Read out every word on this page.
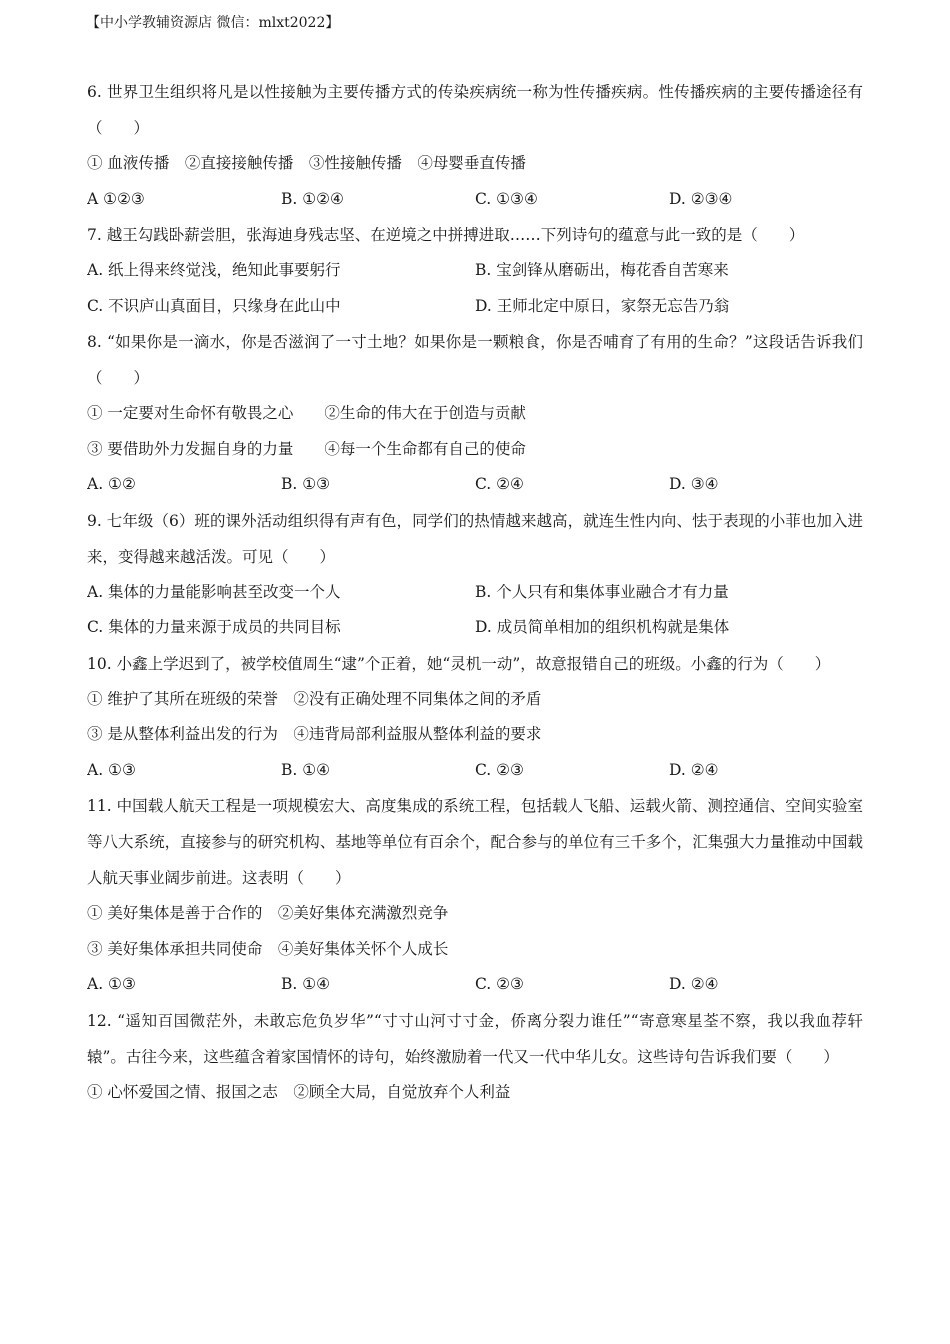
【中小学教辅资源店 微信：mlxt2022】
6. 世界卫生组织将凡是以性接触为主要传播方式的传染疾病统一称为性传播疾病。性传播疾病的主要传播途径有（　　）
① 血液传播　②直接接触传播　③性接触传播　④母婴垂直传播
A ①②③	B. ①②④	C. ①③④	D. ②③④
7. 越王勾践卧薪尝胆，张海迪身残志坚、在逆境之中拼搏进取……下列诗句的蕴意与此一致的是（　　）
A. 纸上得来终觉浅，绝知此事要躬行	B. 宝剑锋从磨砺出，梅花香自苦寒来
C. 不识庐山真面目，只缘身在此山中	D. 王师北定中原日，家祭无忘告乃翁
8. “如果你是一滴水，你是否滋润了一寸土地？如果你是一颗粮食，你是否哺育了有用的生命？”这段话告诉我们（　　）
① 一定要对生命怀有敬畏之心　　②生命的伟大在于创造与贡献
③ 要借助外力发掘自身的力量　　④每一个生命都有自己的使命
A. ①②	B. ①③	C. ②④	D. ③④
9. 七年级（6）班的课外活动组织得有声有色，同学们的热情越来越高，就连生性内向、怯于表现的小菲也加入进来，变得越来越活泼。可见（　　）
A. 集体的力量能影响甚至改变一个人	B. 个人只有和集体事业融合才有力量
C. 集体的力量来源于成员的共同目标	D. 成员简单相加的组织机构就是集体
10. 小鑫上学迟到了，被学校值周生“逮”个正着，她“灵机一动”，故意报错自己的班级。小鑫的行为（　　）
① 维护了其所在班级的荣誉　②没有正确处理不同集体之间的矛盾
③ 是从整体利益出发的行为　④违背局部利益服从整体利益的要求
A. ①③	B. ①④	C. ②③	D. ②④
11. 中国载人航天工程是一项规模宏大、高度集成的系统工程，包括载人飞船、运载火箭、测控通信、空间实验室等八大系统，直接参与的研究机构、基地等单位有百余个，配合参与的单位有三千多个，汇集强大力量推动中国载人航天事业阔步前进。这表明（　　）
① 美好集体是善于合作的　②美好集体充满激烈竞争
③ 美好集体承担共同使命　④美好集体关怀个人成长
A. ①③	B. ①④	C. ②③	D. ②④
12. “遥知百国微茫外，未敢忘危负岁华”“寸寸山河寸寸金，侨离分裂力谁任”“寄意寒星荃不察，我以我血荐轩辕”。古往今来，这些蕴含着家国情怀的诗句，始终激励着一代又一代中华儿女。这些诗句告诉我们要（　　）
① 心怀爱国之情、报国之志　②顾全大局，自觉放弃个人利益
